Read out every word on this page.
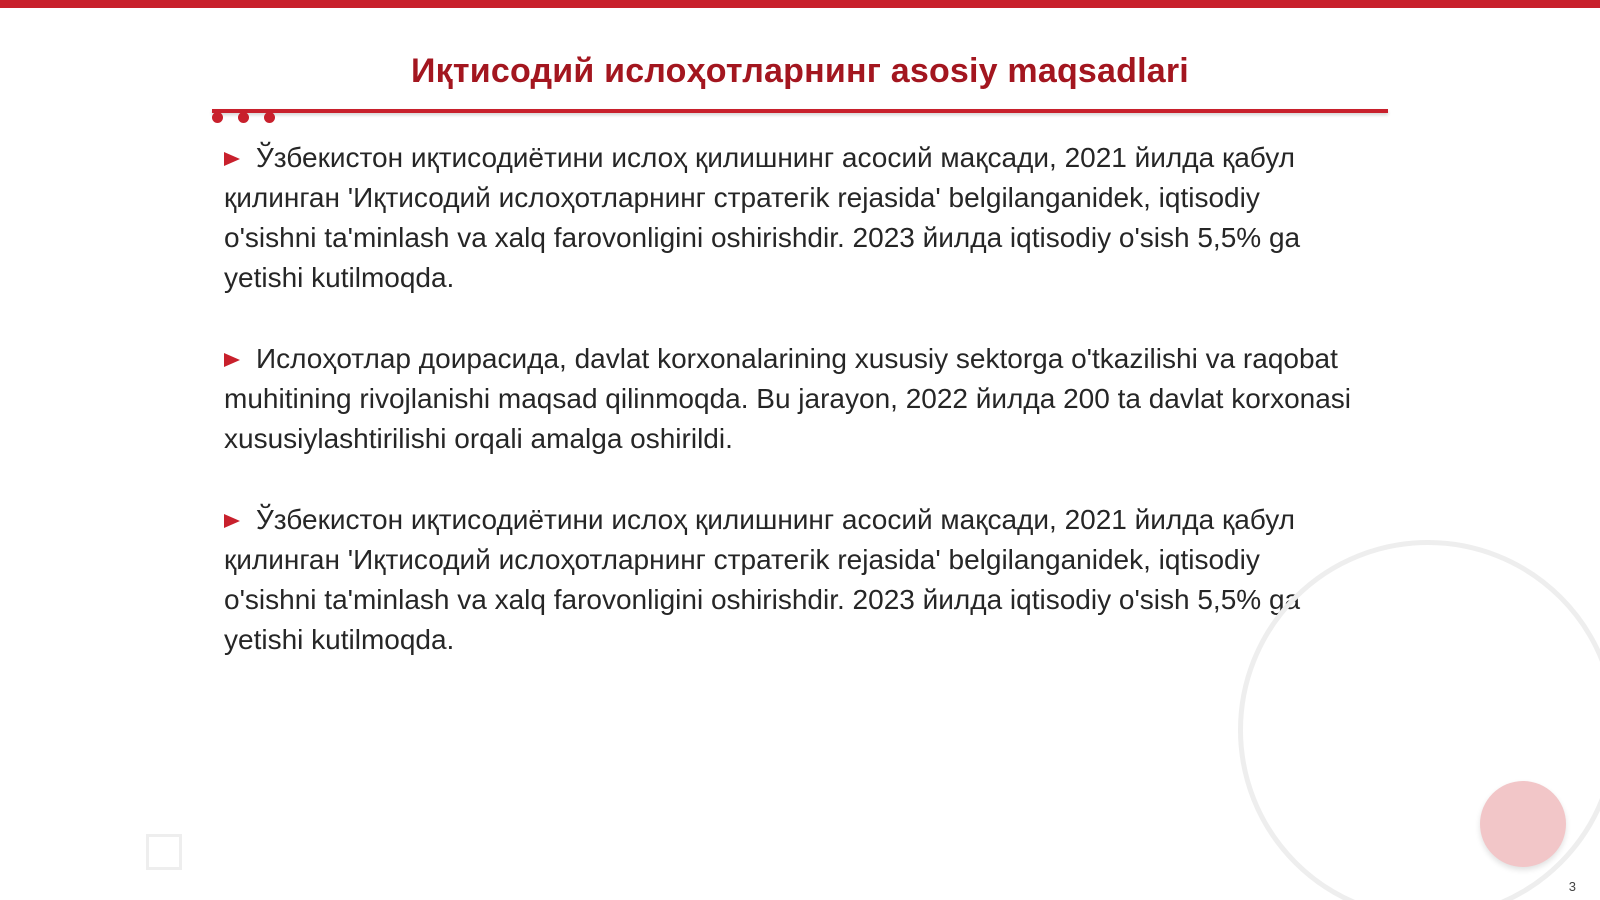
Иқтисодий ислоҳотларнинг asosiy maqsadlari

Ўзбекистон иқтисодиётини ислоҳ қилишнинг асосий мақсади, 2021 йилда қабул қилинган 'Иқтисодий ислоҳотларнинг стратегik rejasida' belgilanganidek, iqtisodiy o'sishni ta'minlash va xalq farovonligini oshirishdir. 2023 йилда iqtisodiy o'sish 5,5% ga yetishi kutilmoqda.

Ислоҳотлар доирасида, davlat korxonalarining xususiy sektorga o'tkazilishi va raqobat muhitining rivojlanishi maqsad qilinmoqda. Bu jarayon, 2022 йилда 200 ta davlat korxonasi xususiylashtirilishi orqali amalga oshirildi.

Ўзбекистон иқтисодиётини ислоҳ қилишнинг асосий мақсади, 2021 йилда қабул қилинган 'Иқтисодий ислоҳотларнинг стратегik rejasida' belgilanganidek, iqtisodiy o'sishni ta'minlash va xalq farovonligini oshirishdir. 2023 йилда iqtisodiy o'sish 5,5% ga yetishi kutilmoqda.

3
